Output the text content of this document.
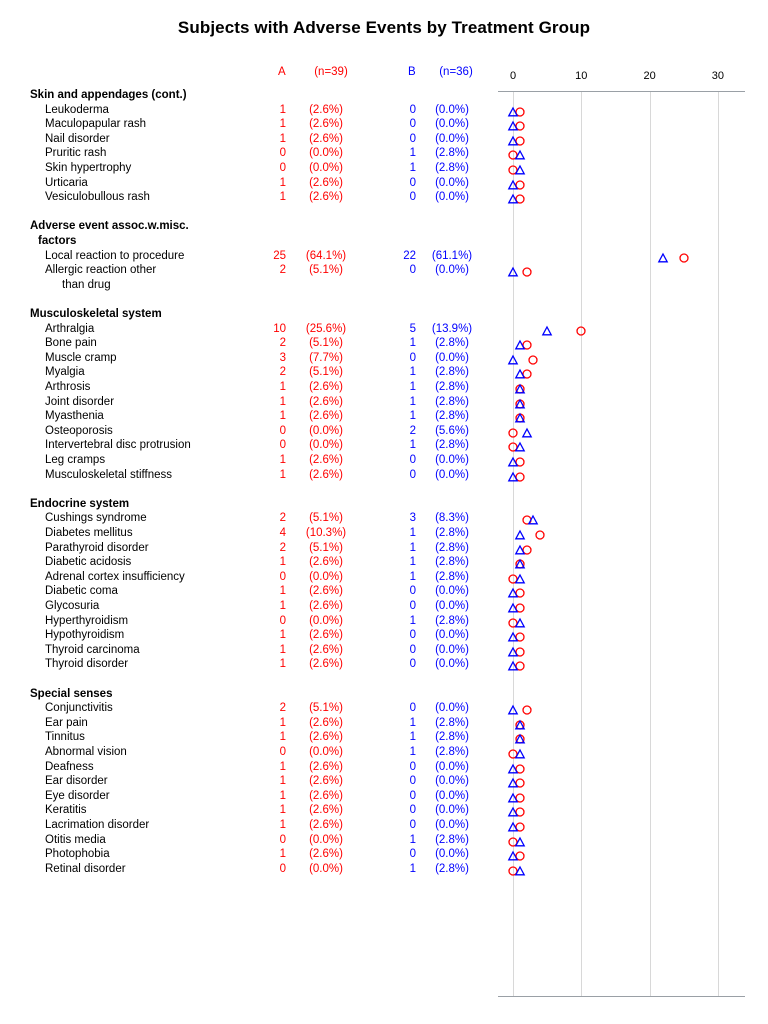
Subjects with Adverse Events by Treatment Group
A	(n=39)	B	(n=36)
Skin and appendages (cont.)
Leukoderma	1	(2.6%)	0	(0.0%)
Maculopapular rash	1	(2.6%)	0	(0.0%)
Nail disorder	1	(2.6%)	0	(0.0%)
Pruritic rash	0	(0.0%)	1	(2.8%)
Skin hypertrophy	0	(0.0%)	1	(2.8%)
Urticaria	1	(2.6%)	0	(0.0%)
Vesiculobullous rash	1	(2.6%)	0	(0.0%)
Adverse event assoc.w.misc.
factors
Local reaction to procedure	25	(64.1%)	22	(61.1%)
Allergic reaction other
than drug
2	(5.1%)	0	(0.0%)
Musculoskeletal system
Arthralgia	10	(25.6%)	5	(13.9%)
Bone pain	2	(5.1%)	1	(2.8%)
Muscle cramp	3	(7.7%)	0	(0.0%)
Myalgia	2	(5.1%)	1	(2.8%)
Arthrosis	1	(2.6%)	1	(2.8%)
Joint disorder	1	(2.6%)	1	(2.8%)
Myasthenia	1	(2.6%)	1	(2.8%)
Osteoporosis	0	(0.0%)	2	(5.6%)
Intervertebral disc protrusion	0	(0.0%)	1	(2.8%)
Leg cramps	1	(2.6%)	0	(0.0%)
Musculoskeletal stiffness	1	(2.6%)	0	(0.0%)
Endocrine system
Cushings syndrome	2	(5.1%)	3	(8.3%)
Diabetes mellitus	4	(10.3%)	1	(2.8%)
Parathyroid disorder	2	(5.1%)	1	(2.8%)
Diabetic acidosis	1	(2.6%)	1	(2.8%)
Adrenal cortex insufficiency	0	(0.0%)	1	(2.8%)
Diabetic coma	1	(2.6%)	0	(0.0%)
Glycosuria	1	(2.6%)	0	(0.0%)
Hyperthyroidism	0	(0.0%)	1	(2.8%)
Hypothyroidism	1	(2.6%)	0	(0.0%)
Thyroid carcinoma	1	(2.6%)	0	(0.0%)
Thyroid disorder	1	(2.6%)	0	(0.0%)
Special senses
Conjunctivitis	2	(5.1%)	0	(0.0%)
Ear pain	1	(2.6%)	1	(2.8%)
Tinnitus	1	(2.6%)	1	(2.8%)
Abnormal vision	0	(0.0%)	1	(2.8%)
Deafness	1	(2.6%)	0	(0.0%)
Ear disorder	1	(2.6%)	0	(0.0%)
Eye disorder	1	(2.6%)	0	(0.0%)
Keratitis	1	(2.6%)	0	(0.0%)
Lacrimation disorder	1	(2.6%)	0	(0.0%)
Otitis media	0	(0.0%)	1	(2.8%)
Photophobia	1	(2.6%)	0	(0.0%)
Retinal disorder	0	(0.0%)	1	(2.8%)
0	10	20	30
